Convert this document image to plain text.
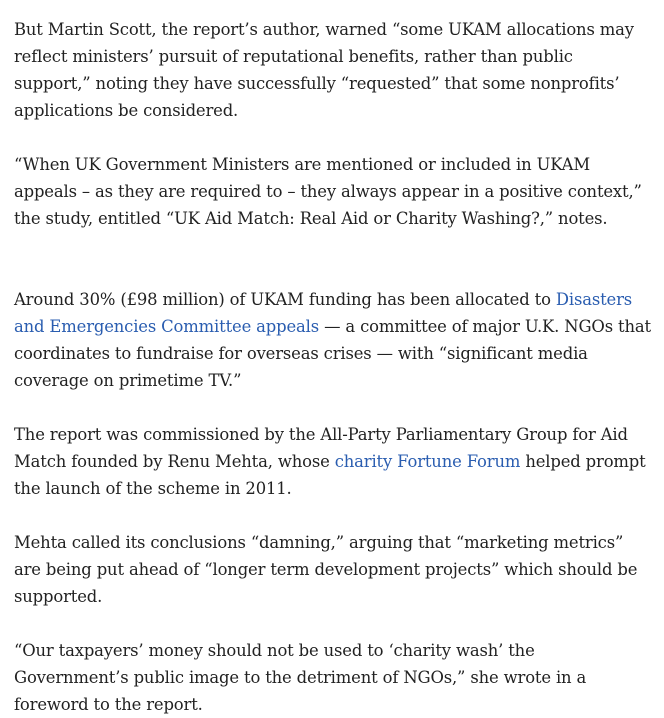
But Martin Scott, the report’s author, warned “some UKAM allocations may reflect ministers’ pursuit of reputational benefits, rather than public support,” noting they have successfully “requested” that some nonprofits’ applications be considered.

“When UK Government Ministers are mentioned or included in UKAM appeals – as they are required to – they always appear in a positive context,” the study, entitled “UK Aid Match: Real Aid or Charity Washing?,” notes.

Around 30% (£98 million) of UKAM funding has been allocated to Disasters and Emergencies Committee appeals — a committee of major U.K. NGOs that coordinates to fundraise for overseas crises — with “significant media coverage on primetime TV.”

The report was commissioned by the All-Party Parliamentary Group for Aid Match founded by Renu Mehta, whose charity Fortune Forum helped prompt the launch of the scheme in 2011.

Mehta called its conclusions “damning,” arguing that “marketing metrics” are being put ahead of “longer term development projects” which should be supported.

“Our taxpayers’ money should not be used to ‘charity wash’ the Government’s public image to the detriment of NGOs,” she wrote in a foreword to the report.
